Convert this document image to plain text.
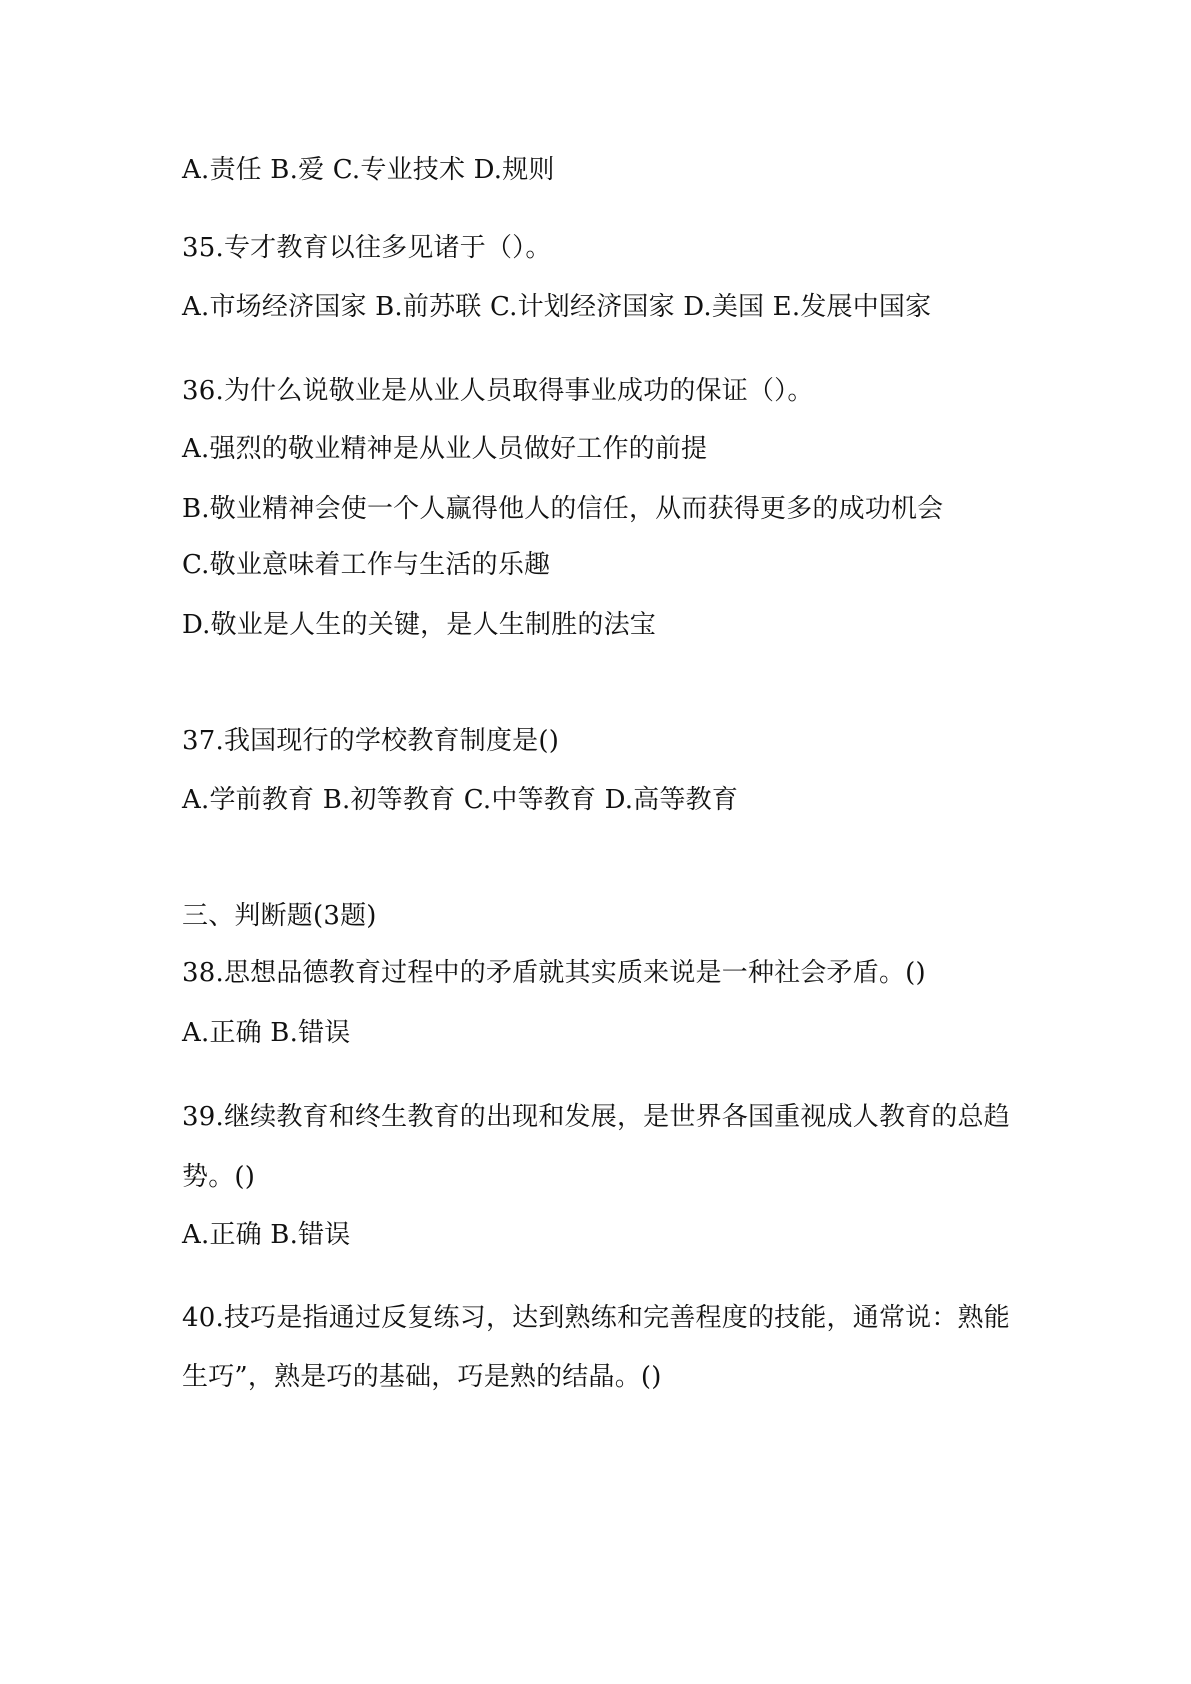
A.责任 B.爱 C.专业技术 D.规则

35.专才教育以往多见诸于（）。

A.市场经济国家 B.前苏联 C.计划经济国家 D.美国 E.发展中国家

36.为什么说敬业是从业人员取得事业成功的保证（）。

A.强烈的敬业精神是从业人员做好工作的前提

B.敬业精神会使一个人赢得他人的信任，从而获得更多的成功机会

C.敬业意味着工作与生活的乐趣

D.敬业是人生的关键，是人生制胜的法宝

37.我国现行的学校教育制度是()

A.学前教育 B.初等教育 C.中等教育 D.高等教育

三、判断题(3题)

38.思想品德教育过程中的矛盾就其实质来说是一种社会矛盾。()

A.正确 B.错误

39.继续教育和终生教育的出现和发展，是世界各国重视成人教育的总趋

势。()

A.正确 B.错误

40.技巧是指通过反复练习，达到熟练和完善程度的技能，通常说：熟能

生巧”，熟是巧的基础，巧是熟的结晶。()
